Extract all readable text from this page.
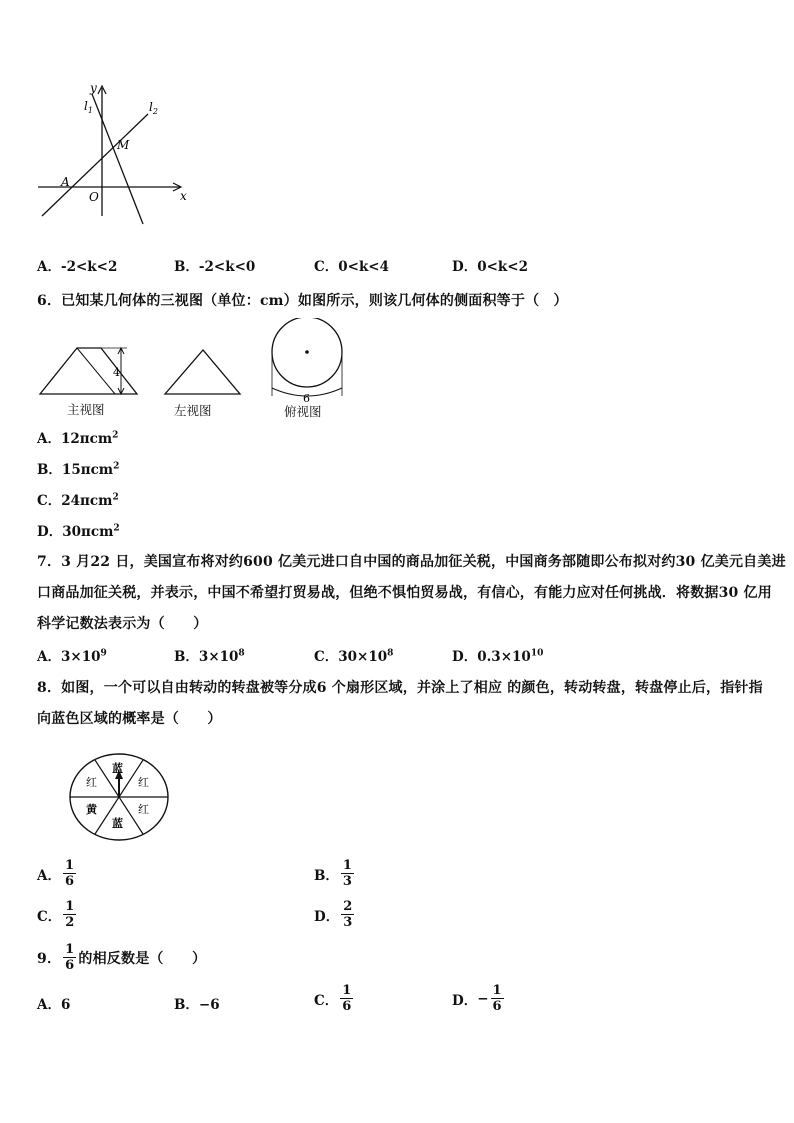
y
x
$l_1$	$l_2$
M
A
O
A．-2<k<2	B．-2<k<0	C．0<k<4	D．0<k<2
6．已知某几何体的三视图（单位：cm）如图所示，则该几何体的侧面积等于（　）
4
6
主视图	左视图	俯视图
A．12πcm$^2$
B．15πcm$^2$
C．24πcm$^2$
D．30πcm$^2$
7．3 月22 日，美国宣布将对约600 亿美元进口自中国的商品加征关税，中国商务部随即公布拟对约30 亿美元自美进
口商品加征关税，并表示，中国不希望打贸易战，但绝不惧怕贸易战，有信心，有能力应对任何挑战．将数据30 亿用
科学记数法表示为（　　）
A．$3\times 10^9$	B．$3\times 10^8$	C．$30\times 10^8$	D．$0.3\times 10^{10}$
8．如图，一个可以自由转动的转盘被等分成6 个扇形区域，并涂上了相应 的颜色，转动转盘，转盘停止后，指针指
向蓝色区域的概率是（　　）
蓝
红
红
蓝
黄	红
A． $\frac{1}{6}$	B． $\frac{1}{3}$
C． $\frac{1}{2}$	D． $\frac{2}{3}$
9． $\frac{1}{6}$ 的相反数是（　　）
A．6	B．−6	C． $\frac{1}{6}$	D． − $\frac{1}{6}$
